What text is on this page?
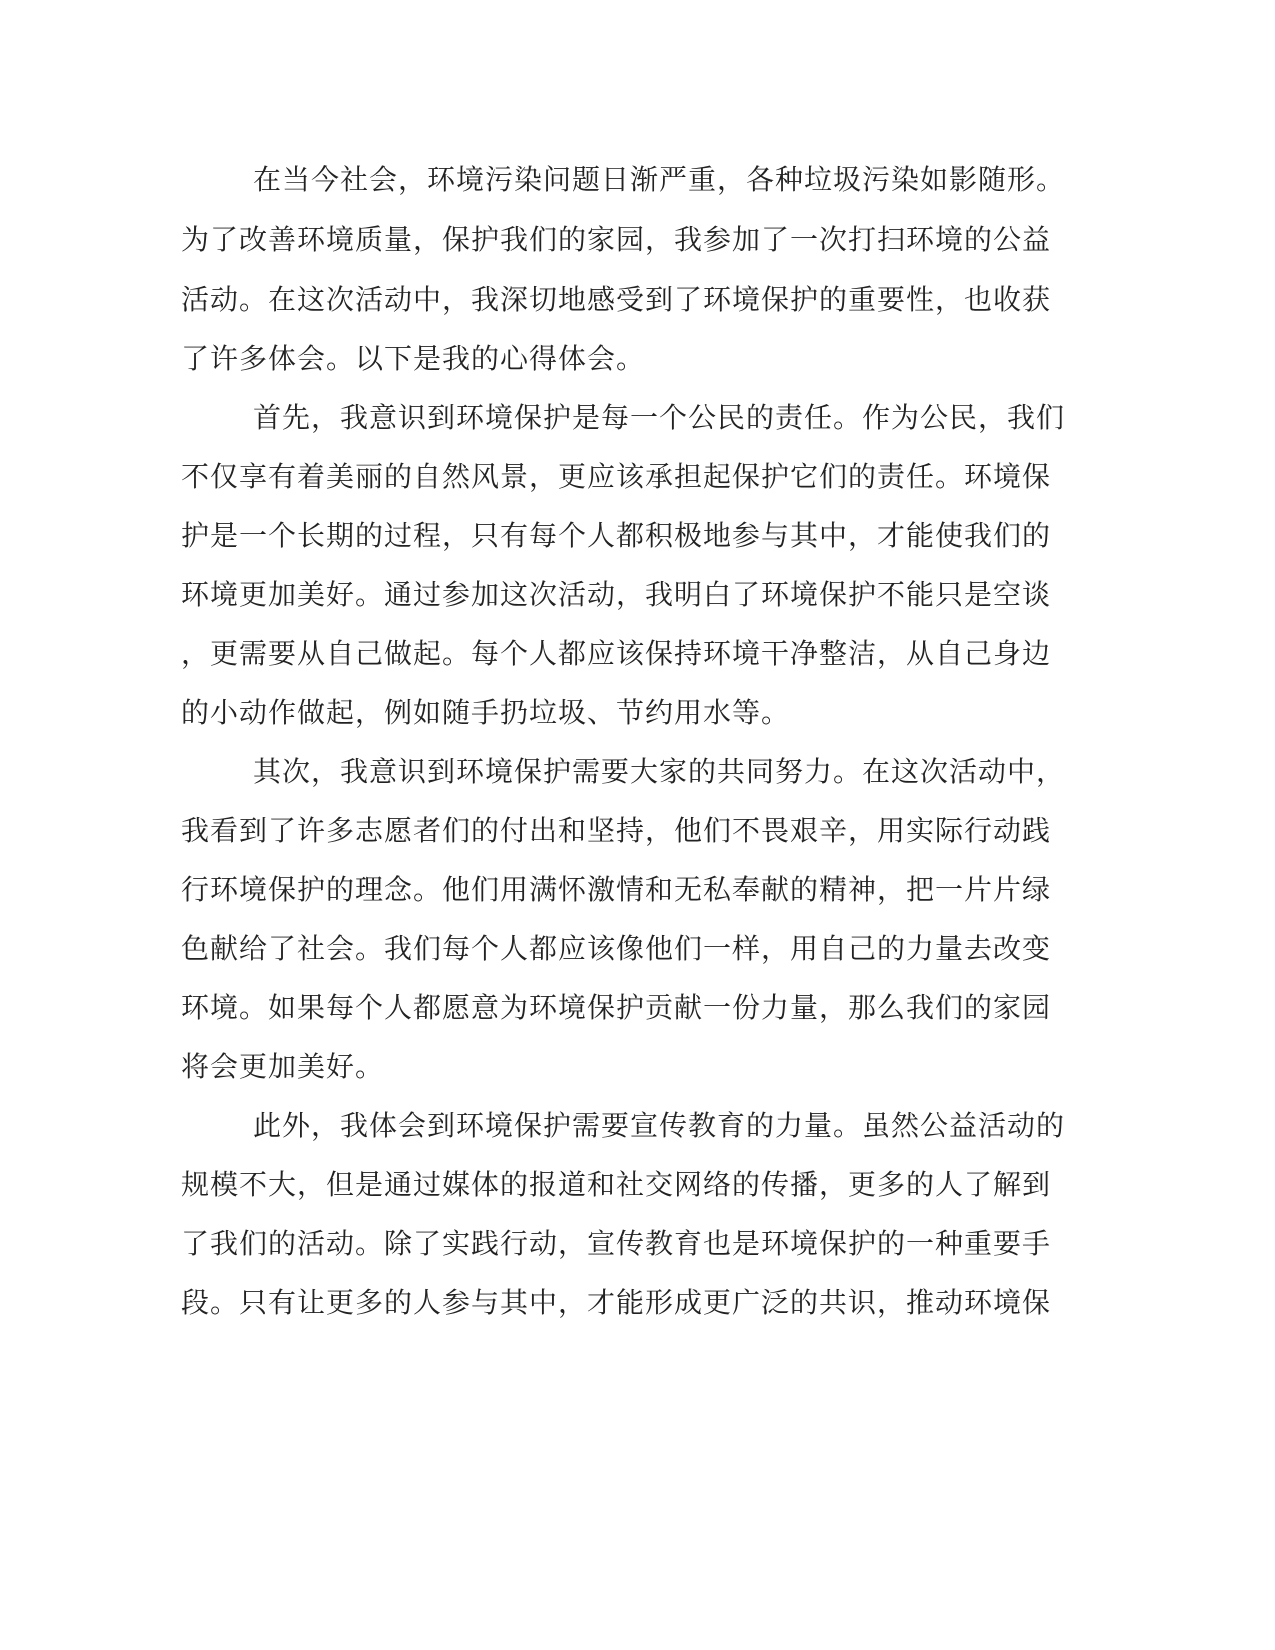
在当今社会，环境污染问题日渐严重，各种垃圾污染如影随形。
为了改善环境质量，保护我们的家园，我参加了一次打扫环境的公益
活动。在这次活动中，我深切地感受到了环境保护的重要性，也收获
了许多体会。以下是我的心得体会。
首先，我意识到环境保护是每一个公民的责任。作为公民，我们
不仅享有着美丽的自然风景，更应该承担起保护它们的责任。环境保
护是一个长期的过程，只有每个人都积极地参与其中，才能使我们的
环境更加美好。通过参加这次活动，我明白了环境保护不能只是空谈
，更需要从自己做起。每个人都应该保持环境干净整洁，从自己身边
的小动作做起，例如随手扔垃圾、节约用水等。
其次，我意识到环境保护需要大家的共同努力。在这次活动中，
我看到了许多志愿者们的付出和坚持，他们不畏艰辛，用实际行动践
行环境保护的理念。他们用满怀激情和无私奉献的精神，把一片片绿
色献给了社会。我们每个人都应该像他们一样，用自己的力量去改变
环境。如果每个人都愿意为环境保护贡献一份力量，那么我们的家园
将会更加美好。
此外，我体会到环境保护需要宣传教育的力量。虽然公益活动的
规模不大，但是通过媒体的报道和社交网络的传播，更多的人了解到
了我们的活动。除了实践行动，宣传教育也是环境保护的一种重要手
段。只有让更多的人参与其中，才能形成更广泛的共识，推动环境保
